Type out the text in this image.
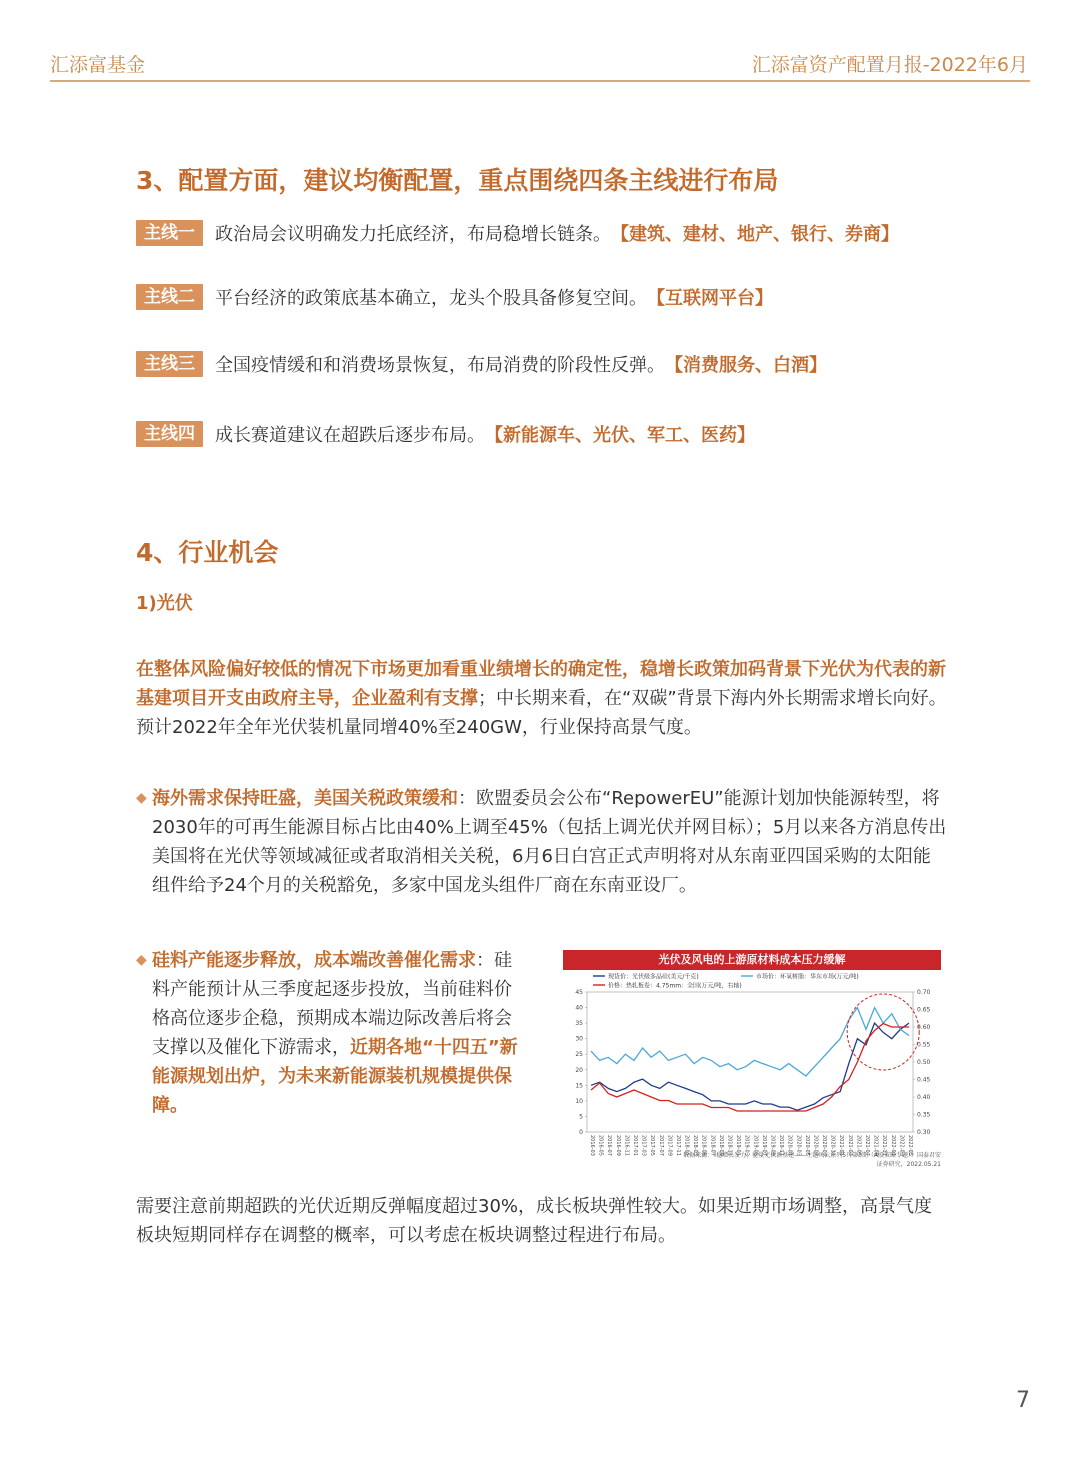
汇添富基金	汇添富资产配置月报-2022年6月
3、配置方面，建议均衡配置，重点围绕四条主线进行布局
主线一	政治局会议明确发力托底经济，布局稳增长链条。 【建筑、建材、地产、银行、券商】
主线二	平台经济的政策底基本确立，龙头个股具备修复空间。 【互联网平台】
主线三	全国疫情缓和和消费场景恢复，布局消费的阶段性反弹。 【消费服务、白酒】
主线四	成长赛道建议在超跌后逐步布局。 【新能源车、光伏、军工、医药】
4、行业机会
1)光伏
在整体风险偏好较低的情况下市场更加看重业绩增长的确定性，稳增长政策加码背景下光伏为代表的新基建项目开支由政府主导，企业盈利有支撑；中长期来看，在“双碳”背景下海内外长期需求增长向好。预计2022年全年光伏装机量同增40%至240GW，行业保持高景气度。
◆ 海外需求保持旺盛，美国关税政策缓和：欧盟委员会公布“RepowerEU”能源计划加快能源转型，将2030年的可再生能源目标占比由40%上调至45%（包括上调光伏并网目标）；5月以来各方消息传出美国将在光伏等领域减征或者取消相关关税，6月6日白宫正式声明将对从东南亚四国采购的太阳能组件给予24个月的关税豁免，多家中国龙头组件厂商在东南亚设厂。
◆ 硅料产能逐步释放，成本端改善催化需求：硅料产能预计从三季度起逐步投放，当前硅料价格高位逐步企稳，预期成本端边际改善后将会支撑以及催化下游需求，近期各地“十四五”新能源规划出炉，为未来新能源装机规模提供保障。
光伏及风电的上游原材料成本压力缓解
现货价：光伏级多晶硅(美元/千克)	市场价：环氧树脂：华东市场(万元/吨)
价格：热轧板卷：4.75mm：全国(万元/吨，右轴)
0
5
10
15
20
25
30
35
40
45
0.30
0.35
0.40
0.45
0.50
0.55
0.60
0.65
0.70
2016-03 2016-05 2016-07 2016-09 2016-11 2017-01 2017-03 2017-05 2017-07 2017-09 2017-11 2018-01 2018-03 2018-05 2018-07 2018-09 2018-11 2019-01 2019-03 2019-05 2019-07 2019-09 2019-11 2020-01 2020-03 2020-05 2020-07 2020-09 2020-11 2021-01 2021-03 2021-05 2021-07 2021-09 2021-11 2022-01 2022-03 2022-05
数据来源：《稳增长发力，能量光伏新基建——主题风云系列5月第3期（A股策略专题）》国泰君安证券研究，2022.05.21
需要注意前期超跌的光伏近期反弹幅度超过30%，成长板块弹性较大。如果近期市场调整，高景气度板块短期同样存在调整的概率，可以考虑在板块调整过程进行布局。
7
